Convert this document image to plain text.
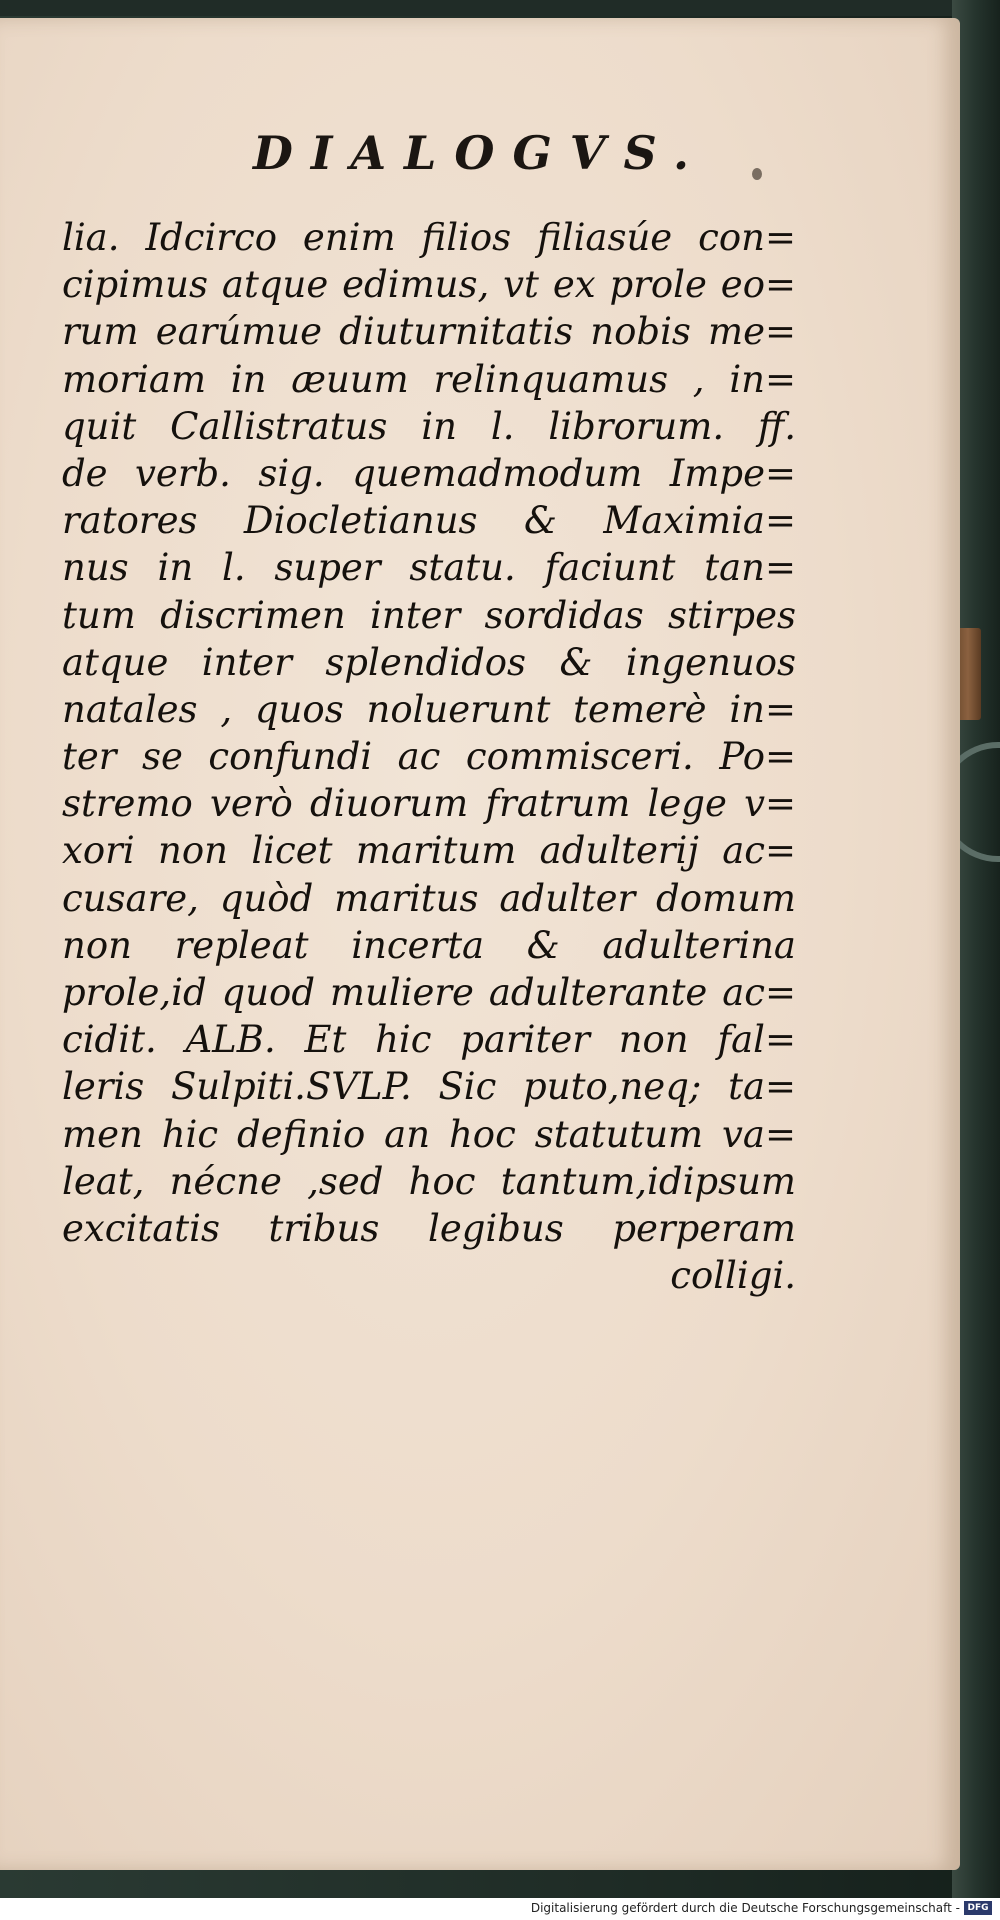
DIALOGVS.
lia. Idcirco enim filios filiasúe con=
cipimus atque edimus, vt ex prole eo=
rum earúmue diuturnitatis nobis me=
moriam in æuum relinquamus , in=
quit Callistratus in l. librorum. ff.
de verb. sig. quemadmodum Impe=
ratores Diocletianus & Maximia=
nus in l. super statu. faciunt tan=
tum discrimen inter sordidas stirpes
atque inter splendidos & ingenuos
natales , quos noluerunt temerè in=
ter se confundi ac commisceri. Po=
stremo verò diuorum fratrum lege v=
xori non licet maritum adulterij ac=
cusare, quòd maritus adulter domum
non repleat incerta & adulterina
prole,id quod muliere adulterante ac=
cidit. ALB. Et hic pariter non fal=
leris Sulpiti.SVLP. Sic puto,neq; ta=
men hic definio an hoc statutum va=
leat, nécne ,sed hoc tantum,idipsum
excitatis tribus legibus perperam
colligi.
Digitalisierung gefördert durch die Deutsche Forschungsgemeinschaft - DFG
